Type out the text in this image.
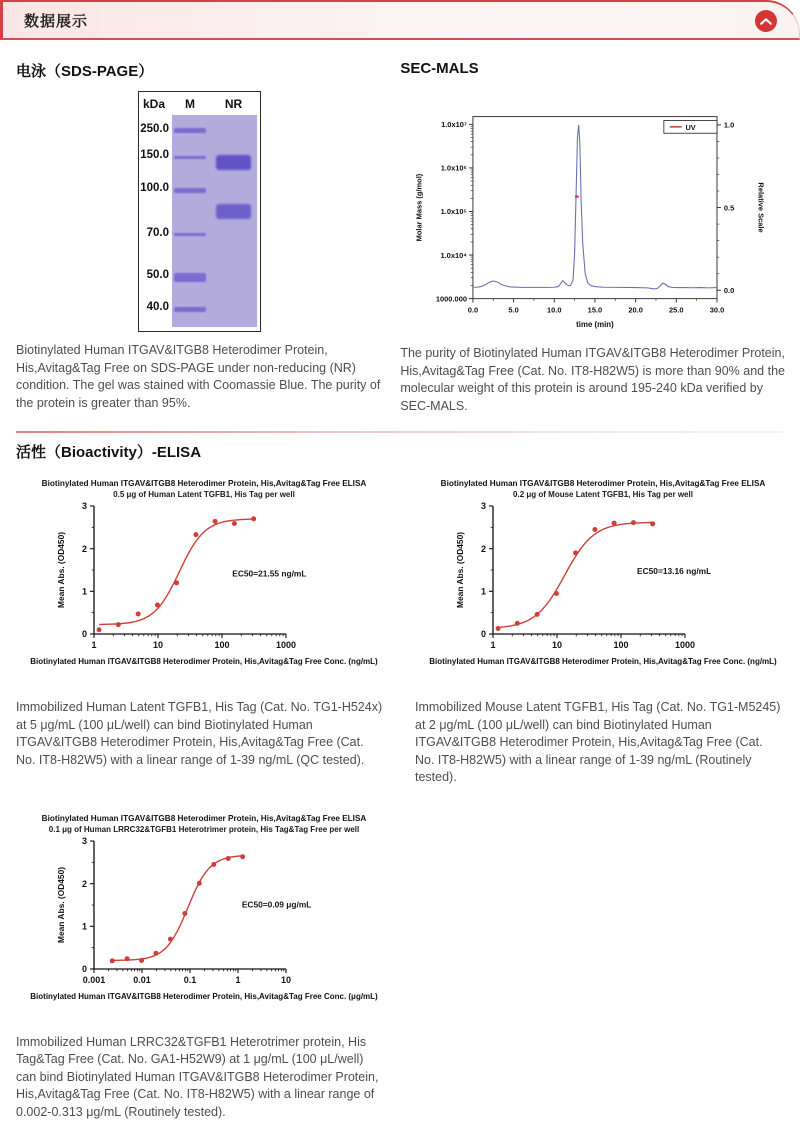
数据展示
电泳（SDS-PAGE）
kDa	M	NR
250.0
150.0
100.0
70.0
50.0
40.0

Biotinylated Human ITGAV&ITGB8 Heterodimer Protein, His,Avitag&Tag Free on SDS-PAGE under non-reducing (NR) condition. The gel was stained with Coomassie Blue. The purity of the protein is greater than 95%.

SEC-MALS
1.0x10⁷
1.0x10⁶
1.0x10⁵
1.0x10⁴
1000.000
1.0
0.5
0.0
0.0	5.0	10.0	15.0	20.0	25.0	30.0
time (min)
Molar Mass (g/mol)	Relative Scale
UV

The purity of Biotinylated Human ITGAV&ITGB8 Heterodimer Protein, His,Avitag&Tag Free (Cat. No. IT8-H82W5) is more than 90% and the molecular weight of this protein is around 195-240 kDa verified by SEC-MALS.

活性（Bioactivity）-ELISA
Biotinylated Human ITGAV&ITGB8 Heterodimer Protein, His,Avitag&Tag Free ELISA
0.5 μg of Human Latent TGFB1, His Tag per well
0
1
2
3
1	10	100	1000
Mean Abs. (OD450)
Biotinylated Human ITGAV&ITGB8 Heterodimer Protein, His,Avitag&Tag Free Conc. (ng/mL)
EC50=21.55 ng/mL
Immobilized Human Latent TGFB1, His Tag (Cat. No. TG1-H524x) at 5 μg/mL (100 μL/well) can bind Biotinylated Human ITGAV&ITGB8 Heterodimer Protein, His,Avitag&Tag Free (Cat. No. IT8-H82W5) with a linear range of 1-39 ng/mL (QC tested).
Biotinylated Human ITGAV&ITGB8 Heterodimer Protein, His,Avitag&Tag Free ELISA
0.2 μg of Mouse Latent TGFB1, His Tag per well
0
1
2
3
1	10	100	1000
Mean Abs. (OD450)
Biotinylated Human ITGAV&ITGB8 Heterodimer Protein, His,Avitag&Tag Free Conc. (ng/mL)
EC50=13.16 ng/mL
Immobilized Mouse Latent TGFB1, His Tag (Cat. No. TG1-M5245) at 2 μg/mL (100 μL/well) can bind Biotinylated Human ITGAV&ITGB8 Heterodimer Protein, His,Avitag&Tag Free (Cat. No. IT8-H82W5) with a linear range of 1-39 ng/mL (Routinely tested).
Biotinylated Human ITGAV&ITGB8 Heterodimer Protein, His,Avitag&Tag Free ELISA
0.1 μg of Human LRRC32&TGFB1 Heterotrimer protein, His Tag&Tag Free per well
0
1
2
3
0.001	0.01	0.1	1	10
Mean Abs. (OD450)
Biotinylated Human ITGAV&ITGB8 Heterodimer Protein, His,Avitag&Tag Free Conc. (μg/mL)
EC50=0.09 μg/mL
Immobilized Human LRRC32&TGFB1 Heterotrimer protein, His Tag&Tag Free (Cat. No. GA1-H52W9) at 1 μg/mL (100 μL/well) can bind Biotinylated Human ITGAV&ITGB8 Heterodimer Protein, His,Avitag&Tag Free (Cat. No. IT8-H82W5) with a linear range of 0.002-0.313 μg/mL (Routinely tested).
